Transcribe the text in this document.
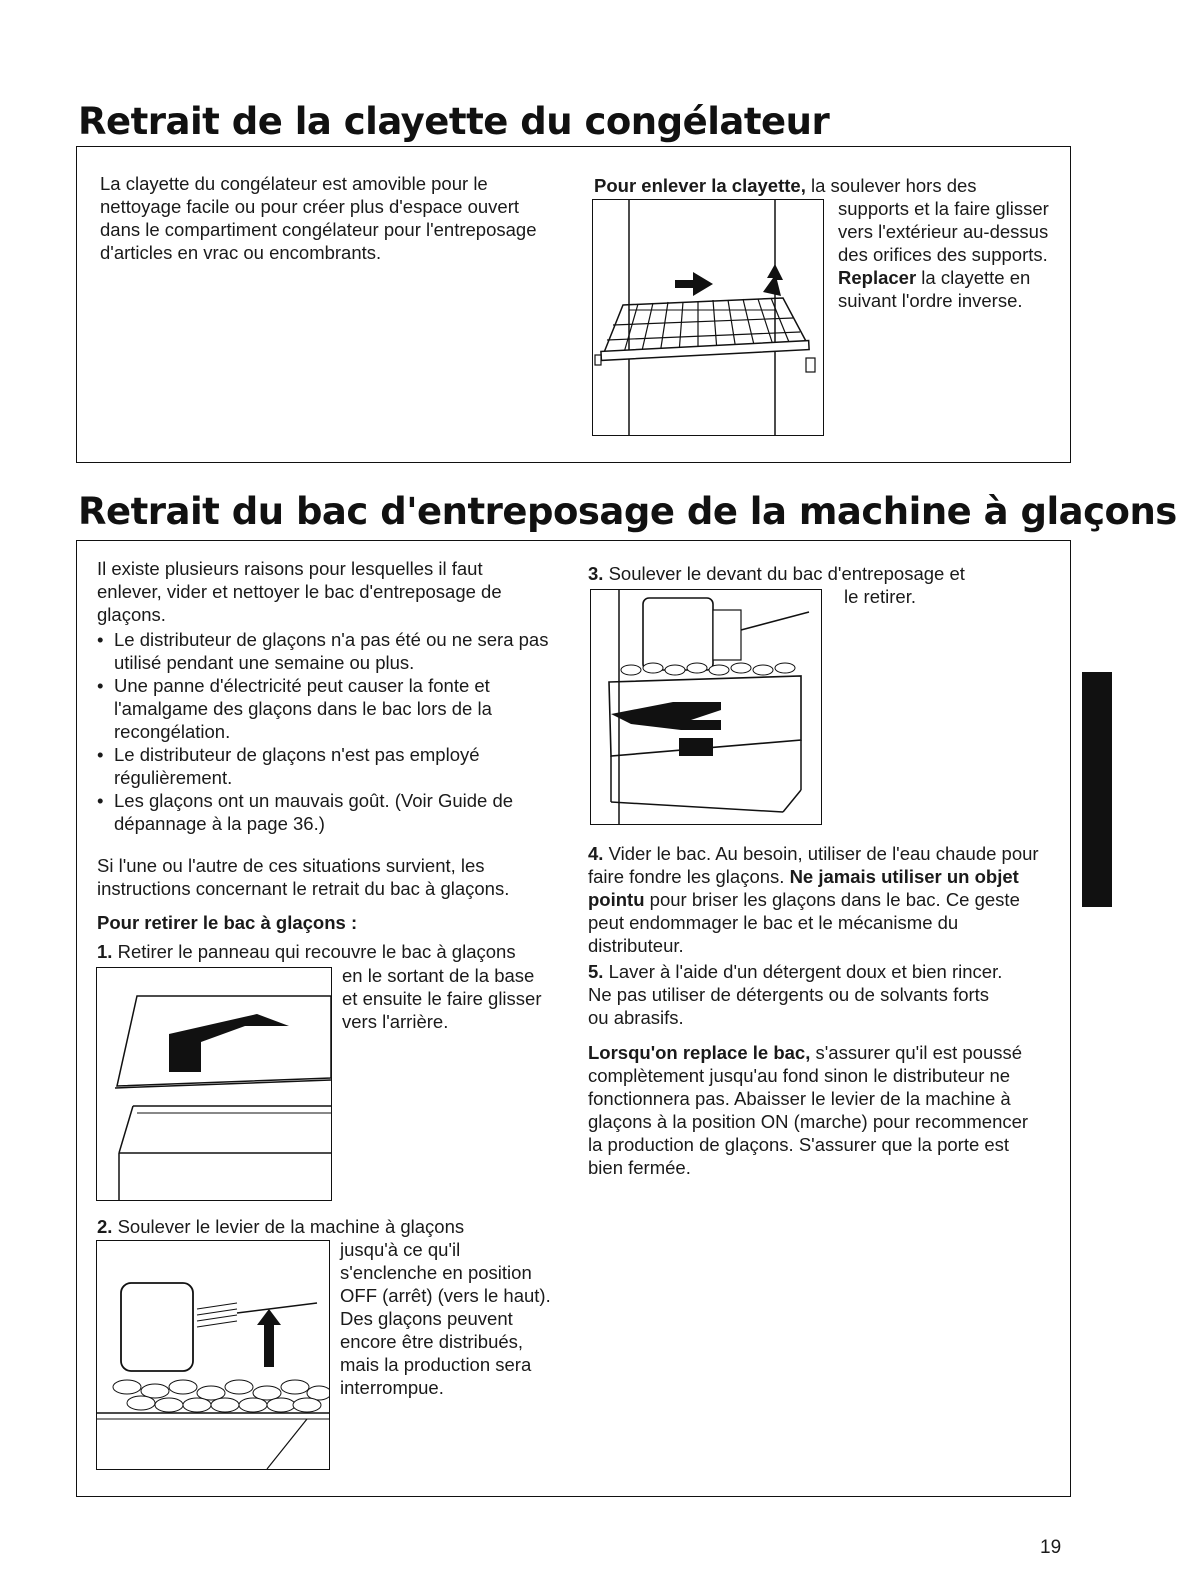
Retrait de la clayette du congélateur

La clayette du congélateur est amovible pour le nettoyage facile ou pour créer plus d'espace ouvert dans le compartiment congélateur pour l'entreposage d'articles en vrac ou encombrants.

Pour enlever la clayette, la soulever hors des

supports et la faire glisser vers l'extérieur au-dessus des orifices des supports. Replacer la clayette en suivant l'ordre inverse.

Retrait du bac d'entreposage de la machine à glaçons

Il existe plusieurs raisons pour lesquelles il faut enlever, vider et nettoyer le bac d'entreposage de glaçons.

• Le distributeur de glaçons n'a pas été ou ne sera pas utilisé pendant une semaine ou plus.
• Une panne d'électricité peut causer la fonte et l'amalgame des glaçons dans le bac lors de la recongélation.
• Le distributeur de glaçons n'est pas employé régulièrement.
• Les glaçons ont un mauvais goût. (Voir Guide de dépannage à la page 36.)

Si l'une ou l'autre de ces situations survient, les instructions concernant le retrait du bac à glaçons.

Pour retirer le bac à glaçons :

1. Retirer le panneau qui recouvre le bac à glaçons

en le sortant de la base et ensuite le faire glisser vers l'arrière.

2. Soulever le levier de la machine à glaçons

jusqu'à ce qu'il s'enclenche en position OFF (arrêt) (vers le haut). Des glaçons peuvent encore être distribués, mais la production sera interrompue.

3. Soulever le devant du bac d'entreposage et

le retirer.

4. Vider le bac. Au besoin, utiliser de l'eau chaude pour faire fondre les glaçons. Ne jamais utiliser un objet pointu pour briser les glaçons dans le bac. Ce geste peut endommager le bac et le mécanisme du distributeur.

5. Laver à l'aide d'un détergent doux et bien rincer. Ne pas utiliser de détergents ou de solvants forts ou abrasifs.

Lorsqu'on replace le bac, s'assurer qu'il est poussé complètement jusqu'au fond sinon le distributeur ne fonctionnera pas. Abaisser le levier de la machine à glaçons à la position ON (marche) pour recommencer la production de glaçons. S'assurer que la porte est bien fermée.

19
